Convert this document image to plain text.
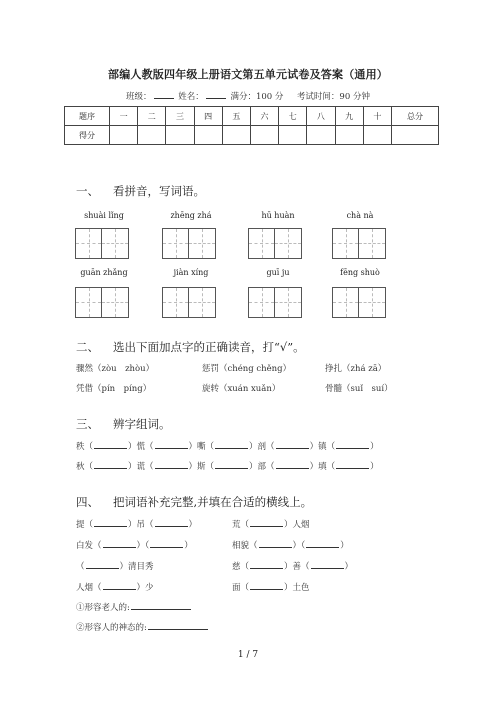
部编人教版四年级上册语文第五单元试卷及答案（通用）
班级：	姓名：	满分：100 分 考试时间：90 分钟
题序	一	二	三	四	五	六	七	八	九	十	总分
得分											
一、 看拼音，写词语。
shuài lǐng	zhēng zhá	hū huàn	chà nà
guān zhǎng	jiàn xíng	guī ju	fēng shuò
二、 选出下面加点字的正确读音，打“√”。
骤然（zòu　zhòu）	惩罚（chéng chěng）	挣扎（zhá zā）
凭借（pín　píng）	旋转（xuán xuǎn）	骨髓（suǐ　suí）
三、 辨字组词。
秩（	）慌（	）嘶（	）剖（	）镇（	）
秋（	）谎（	）斯（	）部（	）填（	）
四、 把词语补充完整,并填在合适的横线上。
提（	）吊（	）	荒（	）人烟
白发（	）（	）	相貌（	）（	）
（	）清目秀	慈（	）善（	）
人烟（	）少	面（	）土色
①形容老人的:
②形容人的神态的:
1 / 7
